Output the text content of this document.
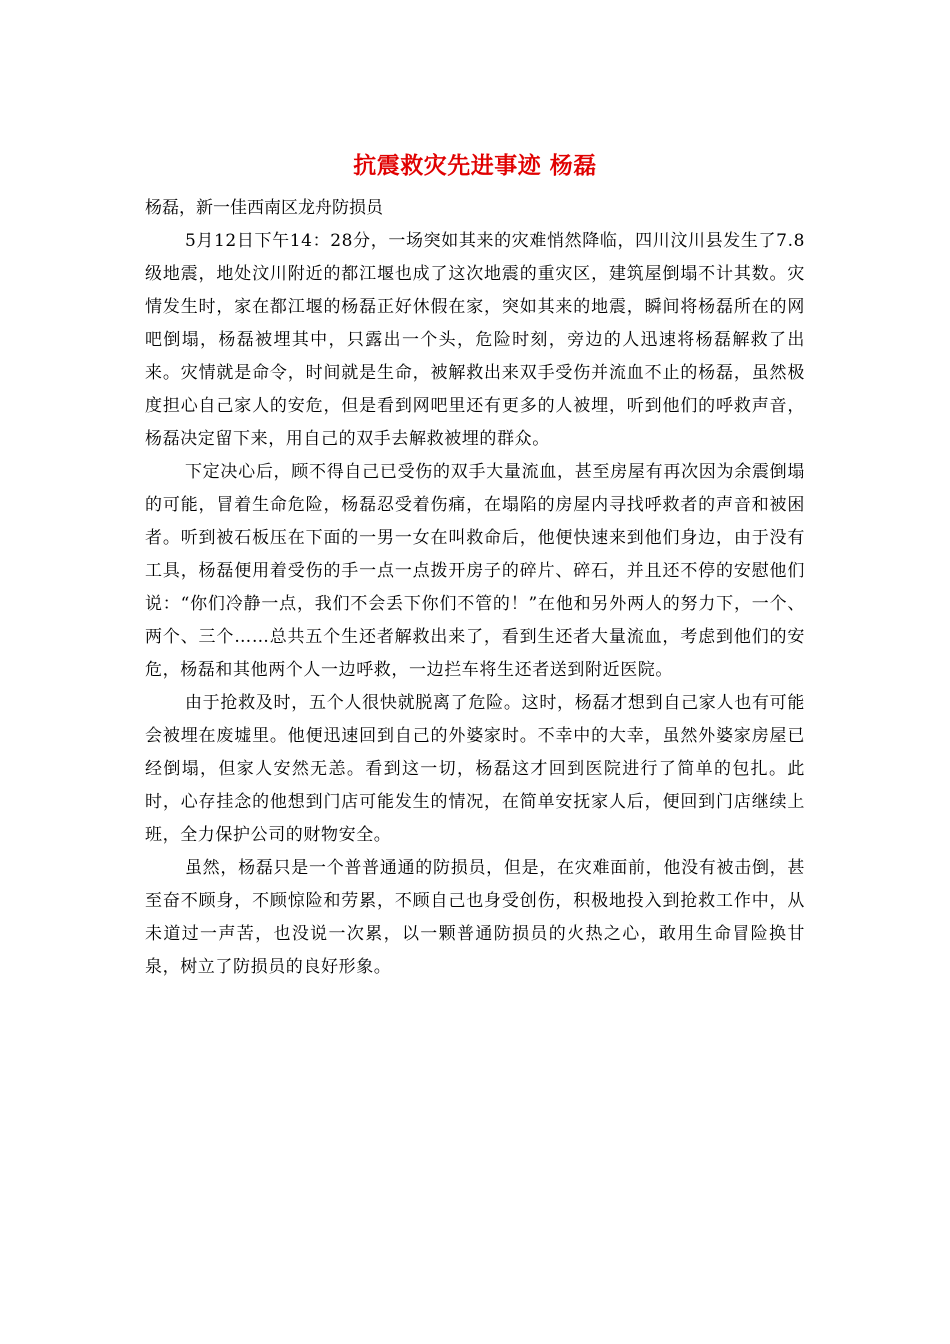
抗震救灾先进事迹 杨磊

杨磊，新一佳西南区龙舟防损员

5月12日下午14：28分，一场突如其来的灾难悄然降临，四川汶川县发生了7.8级地震，地处汶川附近的都江堰也成了这次地震的重灾区，建筑屋倒塌不计其数。灾情发生时，家在都江堰的杨磊正好休假在家，突如其来的地震，瞬间将杨磊所在的网吧倒塌，杨磊被埋其中，只露出一个头，危险时刻，旁边的人迅速将杨磊解救了出来。灾情就是命令，时间就是生命，被解救出来双手受伤并流血不止的杨磊，虽然极度担心自己家人的安危，但是看到网吧里还有更多的人被埋，听到他们的呼救声音，杨磊决定留下来，用自己的双手去解救被埋的群众。

下定决心后，顾不得自己已受伤的双手大量流血，甚至房屋有再次因为余震倒塌的可能，冒着生命危险，杨磊忍受着伤痛，在塌陷的房屋内寻找呼救者的声音和被困者。听到被石板压在下面的一男一女在叫救命后，他便快速来到他们身边，由于没有工具，杨磊便用着受伤的手一点一点拨开房子的碎片、碎石，并且还不停的安慰他们说：“你们冷静一点，我们不会丢下你们不管的！”在他和另外两人的努力下，一个、两个、三个……总共五个生还者解救出来了，看到生还者大量流血，考虑到他们的安危，杨磊和其他两个人一边呼救，一边拦车将生还者送到附近医院。

由于抢救及时，五个人很快就脱离了危险。这时，杨磊才想到自己家人也有可能会被埋在废墟里。他便迅速回到自己的外婆家时。不幸中的大幸，虽然外婆家房屋已经倒塌，但家人安然无恙。看到这一切，杨磊这才回到医院进行了简单的包扎。此时，心存挂念的他想到门店可能发生的情况，在简单安抚家人后，便回到门店继续上班，全力保护公司的财物安全。

虽然，杨磊只是一个普普通通的防损员，但是，在灾难面前，他没有被击倒，甚至奋不顾身，不顾惊险和劳累，不顾自己也身受创伤，积极地投入到抢救工作中，从未道过一声苦，也没说一次累，以一颗普通防损员的火热之心，敢用生命冒险换甘泉，树立了防损员的良好形象。
